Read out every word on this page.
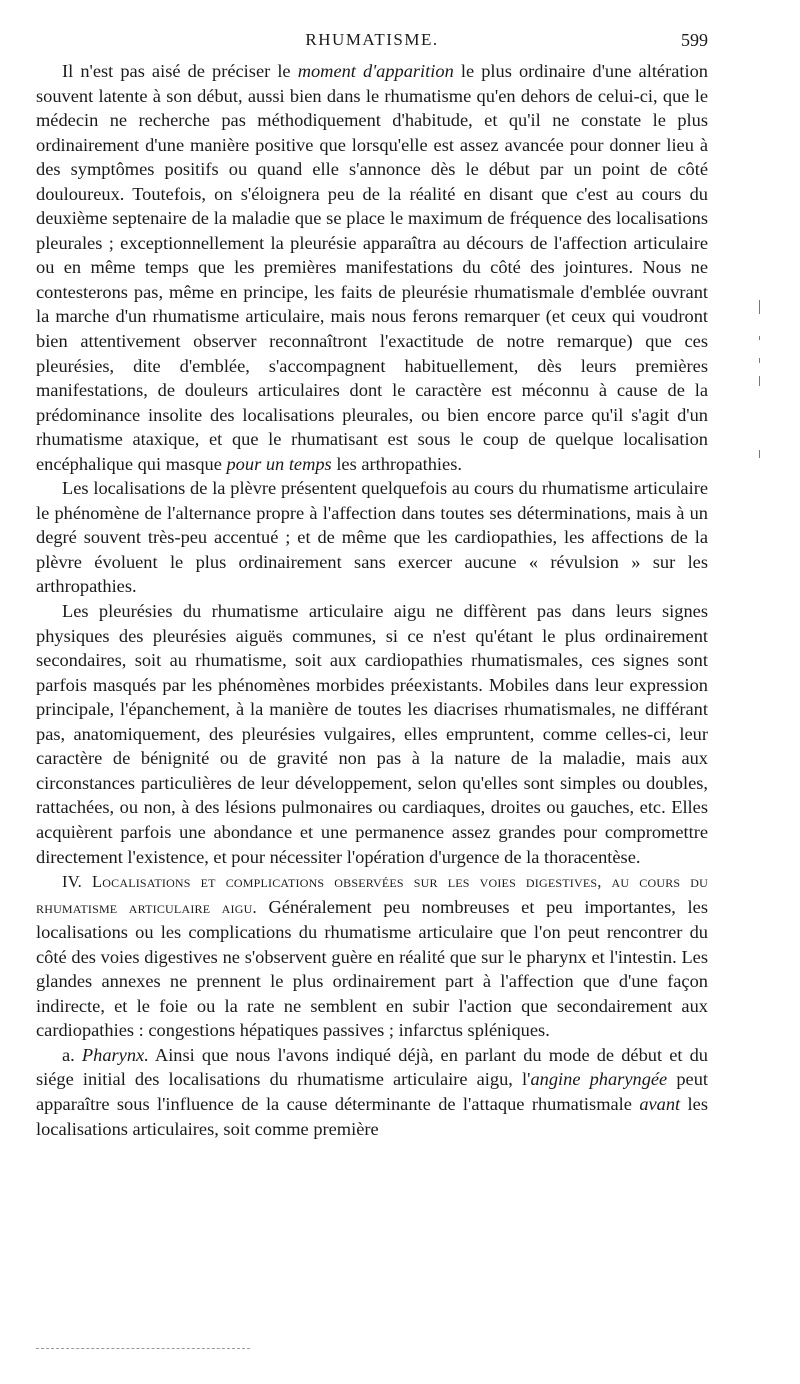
RHUMATISME.	599

Il n'est pas aisé de préciser le moment d'apparition le plus ordinaire d'une altération souvent latente à son début, aussi bien dans le rhumatisme qu'en dehors de celui-ci, que le médecin ne recherche pas méthodiquement d'habitude, et qu'il ne constate le plus ordinairement d'une manière positive que lorsqu'elle est assez avancée pour donner lieu à des symptômes positifs ou quand elle s'annonce dès le début par un point de côté douloureux. Toutefois, on s'éloignera peu de la réalité en disant que c'est au cours du deuxième septenaire de la maladie que se place le maximum de fréquence des localisations pleurales ; exceptionnellement la pleurésie apparaîtra au décours de l'affection articulaire ou en même temps que les premières manifestations du côté des jointures. Nous ne contesterons pas, même en principe, les faits de pleurésie rhumatismale d'emblée ouvrant la marche d'un rhumatisme articulaire, mais nous ferons remarquer (et ceux qui voudront bien attentivement observer reconnaîtront l'exactitude de notre remarque) que ces pleurésies, dite d'emblée, s'accompagnent habituellement, dès leurs premières manifestations, de douleurs articulaires dont le caractère est méconnu à cause de la prédominance insolite des localisations pleurales, ou bien encore parce qu'il s'agit d'un rhumatisme ataxique, et que le rhumatisant est sous le coup de quelque localisation encéphalique qui masque pour un temps les arthropathies.

Les localisations de la plèvre présentent quelquefois au cours du rhumatisme articulaire le phénomène de l'alternance propre à l'affection dans toutes ses déterminations, mais à un degré souvent très-peu accentué ; et de même que les cardiopathies, les affections de la plèvre évoluent le plus ordinairement sans exercer aucune « révulsion » sur les arthropathies.

Les pleurésies du rhumatisme articulaire aigu ne diffèrent pas dans leurs signes physiques des pleurésies aiguës communes, si ce n'est qu'étant le plus ordinairement secondaires, soit au rhumatisme, soit aux cardiopathies rhumatismales, ces signes sont parfois masqués par les phénomènes morbides préexistants. Mobiles dans leur expression principale, l'épanchement, à la manière de toutes les diacrises rhumatismales, ne différant pas, anatomiquement, des pleurésies vulgaires, elles empruntent, comme celles-ci, leur caractère de bénignité ou de gravité non pas à la nature de la maladie, mais aux circonstances particulières de leur développement, selon qu'elles sont simples ou doubles, rattachées, ou non, à des lésions pulmonaires ou cardiaques, droites ou gauches, etc. Elles acquièrent parfois une abondance et une permanence assez grandes pour compromettre directement l'existence, et pour nécessiter l'opération d'urgence de la thoracentèse.

IV. Localisations et complications observées sur les voies digestives, au cours du rhumatisme articulaire aigu. Généralement peu nombreuses et peu importantes, les localisations ou les complications du rhumatisme articulaire que l'on peut rencontrer du côté des voies digestives ne s'observent guère en réalité que sur le pharynx et l'intestin. Les glandes annexes ne prennent le plus ordinairement part à l'affection que d'une façon indirecte, et le foie ou la rate ne semblent en subir l'action que secondairement aux cardiopathies : congestions hépatiques passives ; infarctus spléniques.

a. Pharynx. Ainsi que nous l'avons indiqué déjà, en parlant du mode de début et du siége initial des localisations du rhumatisme articulaire aigu, l'angine pharyngée peut apparaître sous l'influence de la cause déterminante de l'attaque rhumatismale avant les localisations articulaires, soit comme première
